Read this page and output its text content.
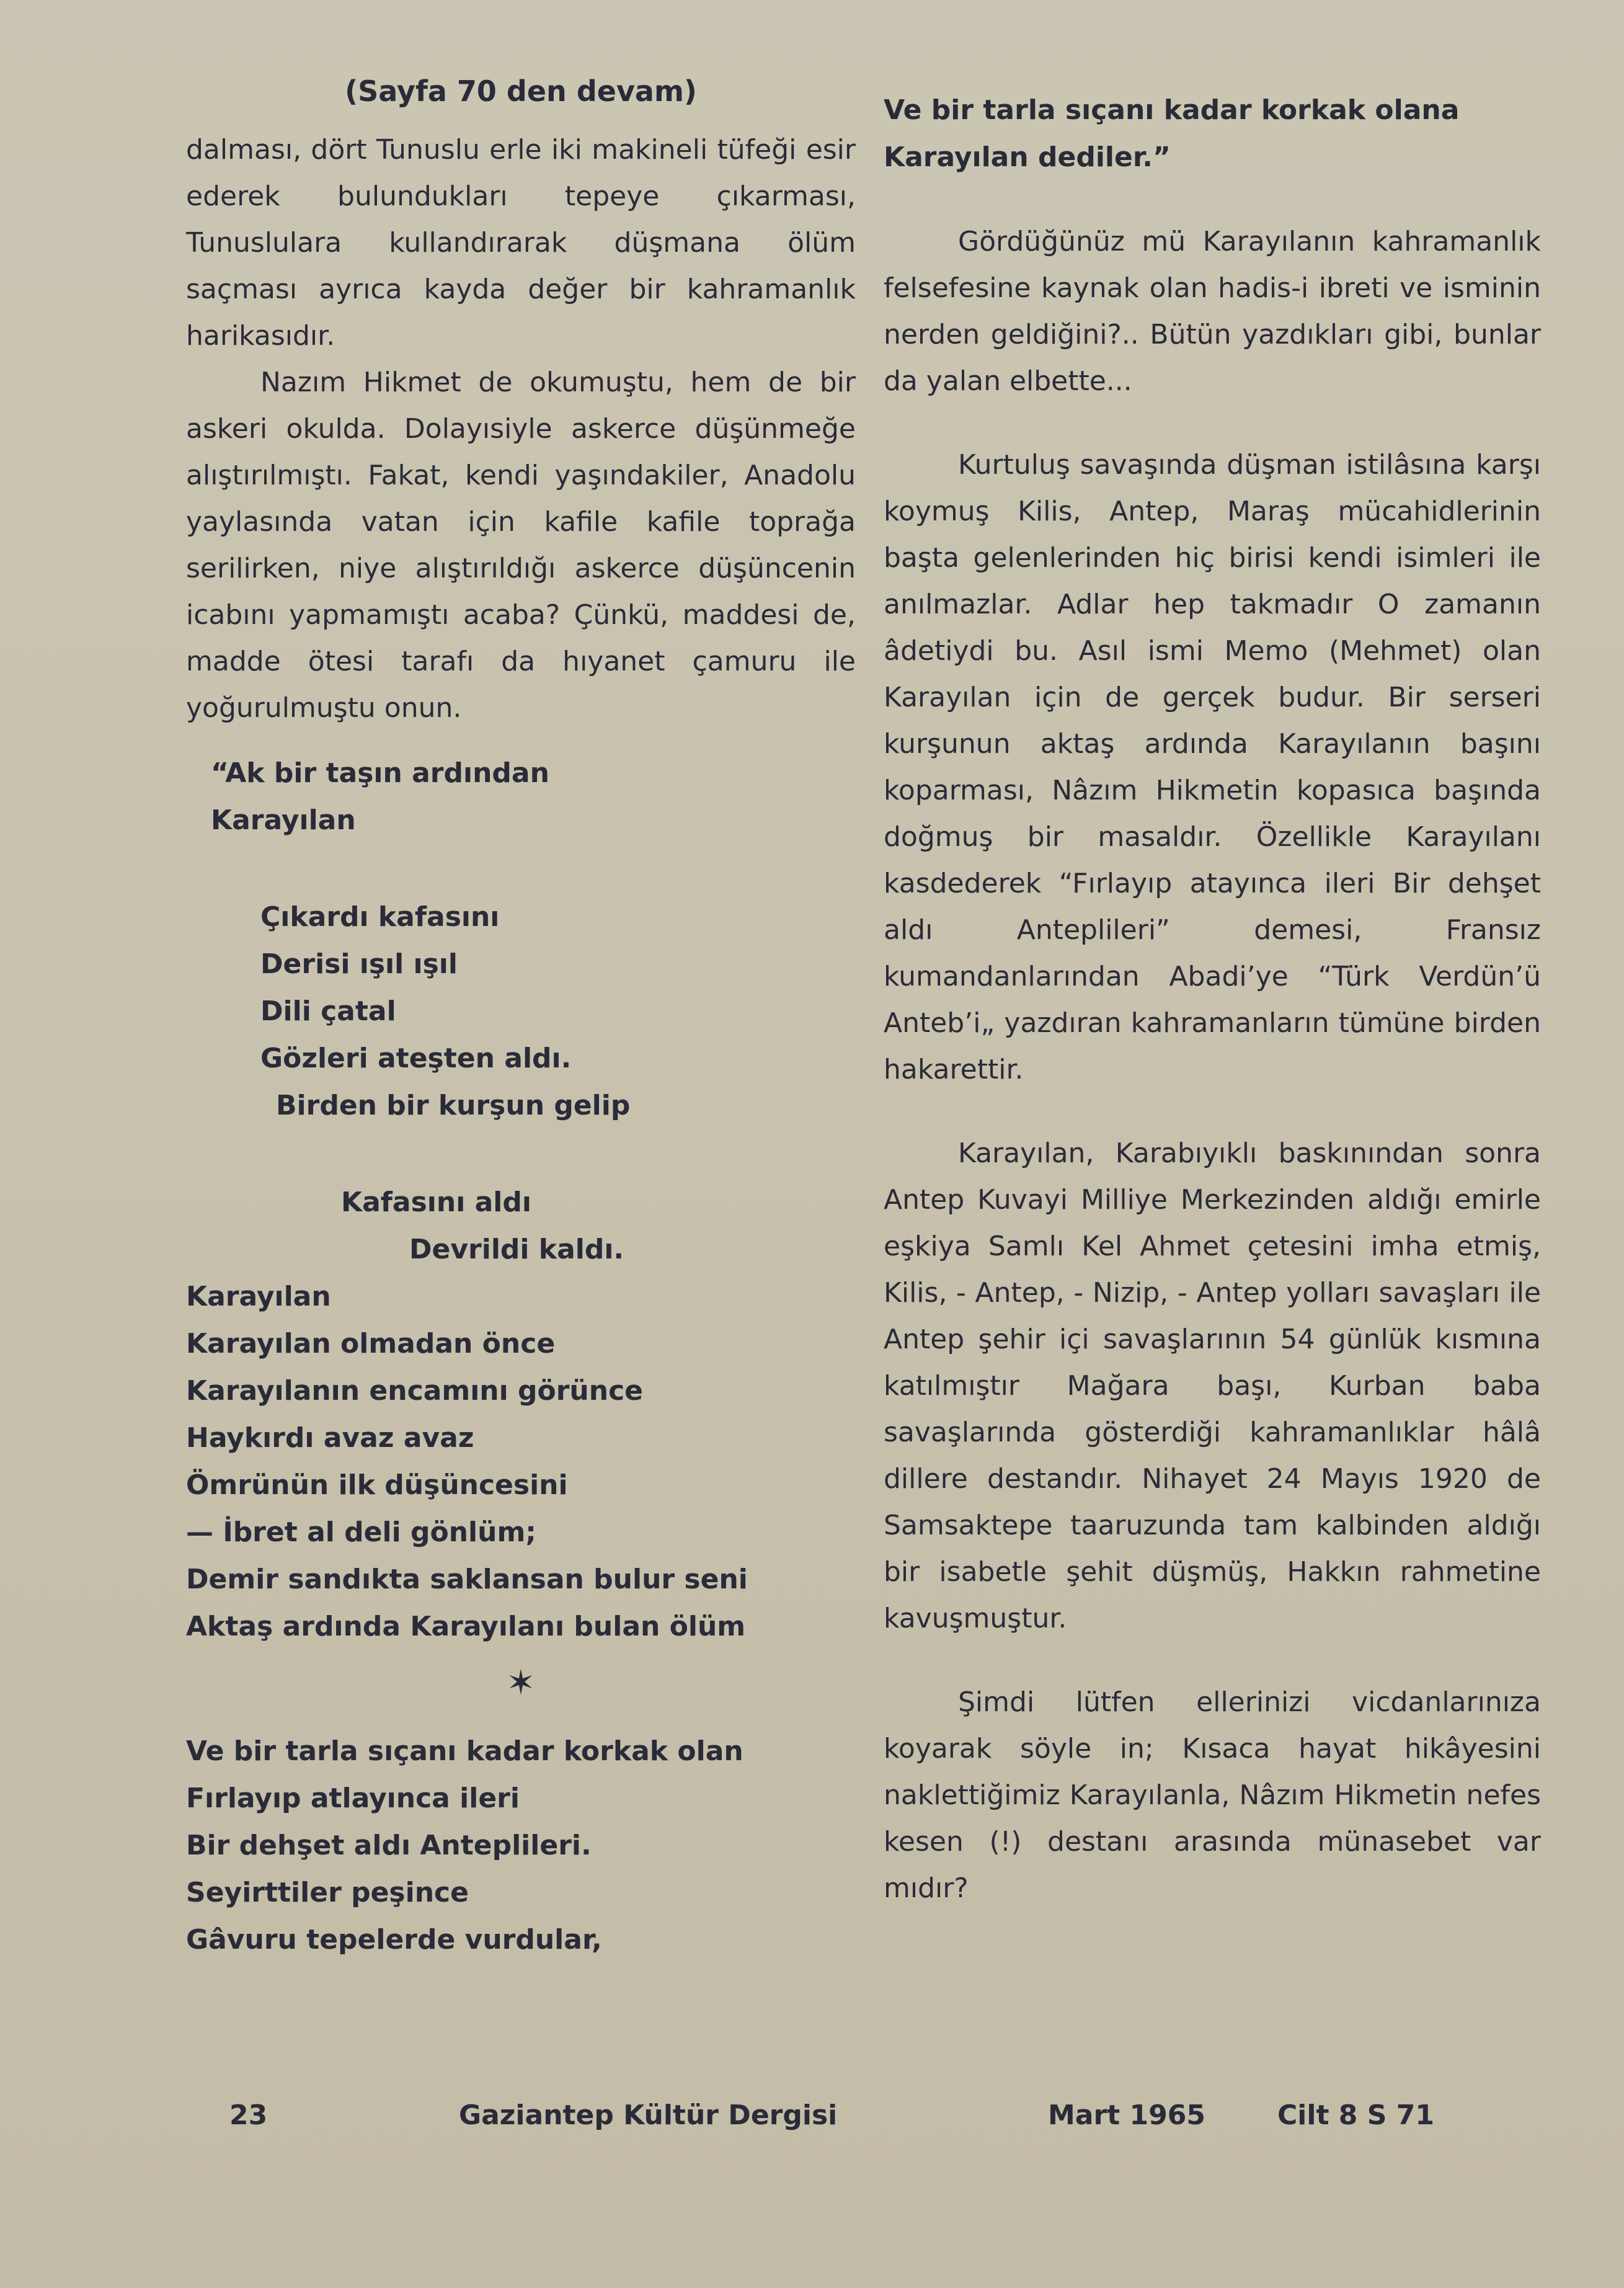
(Sayfa 70 den devam)

dalması, dört Tunuslu erle iki makineli tüfeği esir ederek bulundukları tepeye çıkarması, Tunuslulara kullandırarak düşmana ölüm saçması ayrıca kayda değer bir kahramanlık harikasıdır.

Nazım Hikmet de okumuştu, hem de bir askeri okulda. Dolayısiyle askerce düşünmeğe alıştırılmıştı. Fakat, kendi yaşındakiler, Anadolu yaylasında vatan için kafile kafile toprağa serilirken, niye alıştırıldığı askerce düşüncenin icabını yapmamıştı acaba? Çünkü, maddesi de, madde ötesi tarafı da hıyanet çamuru ile yoğurulmuştu onun.

“Ak bir taşın ardından

Karayılan

Çıkardı kafasını

Derisi ışıl ışıl

Dili çatal

Gözleri ateşten aldı.

Birden bir kurşun gelip

Kafasını aldı

Devrildi kaldı.

Karayılan

Karayılan olmadan önce

Karayılanın encamını görünce

Haykırdı avaz avaz

Ömrünün ilk düşüncesini

— İbret al deli gönlüm;

Demir sandıkta saklansan bulur seni

Aktaş ardında Karayılanı bulan ölüm

✶

Ve bir tarla sıçanı kadar korkak olan

Fırlayıp atlayınca ileri

Bir dehşet aldı Anteplileri.

Seyirttiler peşince

Gâvuru tepelerde vurdular,

Ve bir tarla sıçanı kadar korkak olana Karayılan dediler.”

Gördüğünüz mü Karayılanın kahramanlık felsefesine kaynak olan hadis-i ibreti ve isminin nerden geldiğini?.. Bütün yazdıkları gibi, bunlar da yalan elbette...

Kurtuluş savaşında düşman istilâsına karşı koymuş Kilis, Antep, Maraş mücahidlerinin başta gelenlerinden hiç birisi kendi isimleri ile anılmazlar. Adlar hep takmadır O zamanın âdetiydi bu. Asıl ismi Memo (Mehmet) olan Karayılan için de gerçek budur. Bir serseri kurşunun aktaş ardında Karayılanın başını koparması, Nâzım Hikmetin kopasıca başında doğmuş bir masaldır. Özellikle Karayılanı kasdederek “Fırlayıp atayınca ileri Bir dehşet aldı Anteplileri” demesi, Fransız kumandanlarından Abadi’ye “Türk Verdün’ü Anteb’i„ yazdıran kahramanların tümüne birden hakarettir.

Karayılan, Karabıyıklı baskınından sonra Antep Kuvayi Milliye Merkezinden aldığı emirle eşkiya Samlı Kel Ahmet çetesini imha etmiş, Kilis, - Antep, - Nizip, - Antep yolları savaşları ile Antep şehir içi savaşlarının 54 günlük kısmına katılmıştır Mağara başı, Kurban baba savaşlarında gösterdiği kahramanlıklar hâlâ dillere destandır. Nihayet 24 Mayıs 1920 de Samsaktepe taaruzunda tam kalbinden aldığı bir isabetle şehit düşmüş, Hakkın rahmetine kavuşmuştur.

Şimdi lütfen ellerinizi vicdanlarınıza koyarak söyle in; Kısaca hayat hikâyesini naklettiğimiz Karayılanla, Nâzım Hikmetin nefes kesen (!) destanı arasında münasebet var mıdır?

23	Gaziantep Kültür Dergisi	Mart 1965	Cilt 8 S 71
